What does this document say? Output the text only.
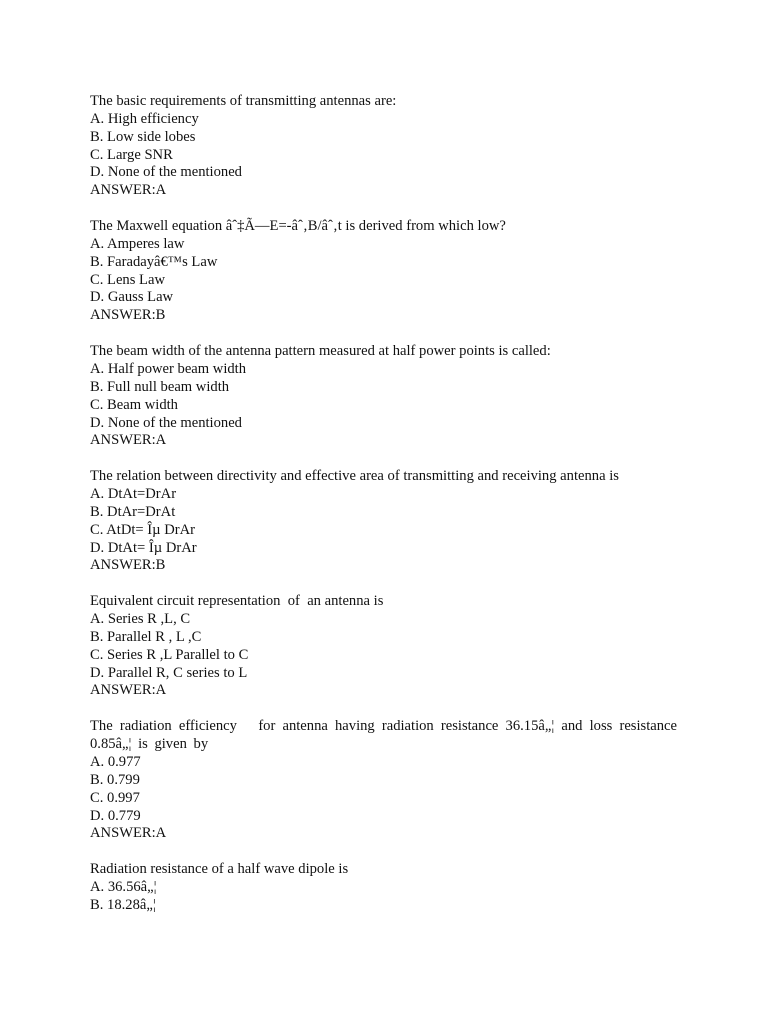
The basic requirements of transmitting antennas are:
A. High efficiency
B. Low side lobes
C. Large SNR
D. None of the mentioned
ANSWER:A
The Maxwell equation âˆ‡Ã—E=-âˆ‚B/âˆ‚t is derived from which low?
A. Amperes law
B. Faradayâ€™s Law
C. Lens Law
D. Gauss Law
ANSWER:B
The beam width of the antenna pattern measured at half power points is called:
A. Half power beam width
B. Full null beam width
C. Beam width
D. None of the mentioned
ANSWER:A
The relation between directivity and effective area of transmitting and receiving antenna is
A. DtAt=DrAr
B. DtAr=DrAt
C. AtDt= Îµ DrAr
D. DtAt= Îµ DrAr
ANSWER:B
Equivalent circuit representation  of  an antenna is
A. Series R ,L, C
B. Parallel R , L ,C
C. Series R ,L Parallel to C
D. Parallel R, C series to L
ANSWER:A
The radiation efficiency   for antenna having radiation resistance 36.15â„¦ and loss resistance 0.85â„¦ is given by
A. 0.977
B. 0.799
C. 0.997
D. 0.779
ANSWER:A
Radiation resistance of a half wave dipole is
A. 36.56â„¦
B. 18.28â„¦
